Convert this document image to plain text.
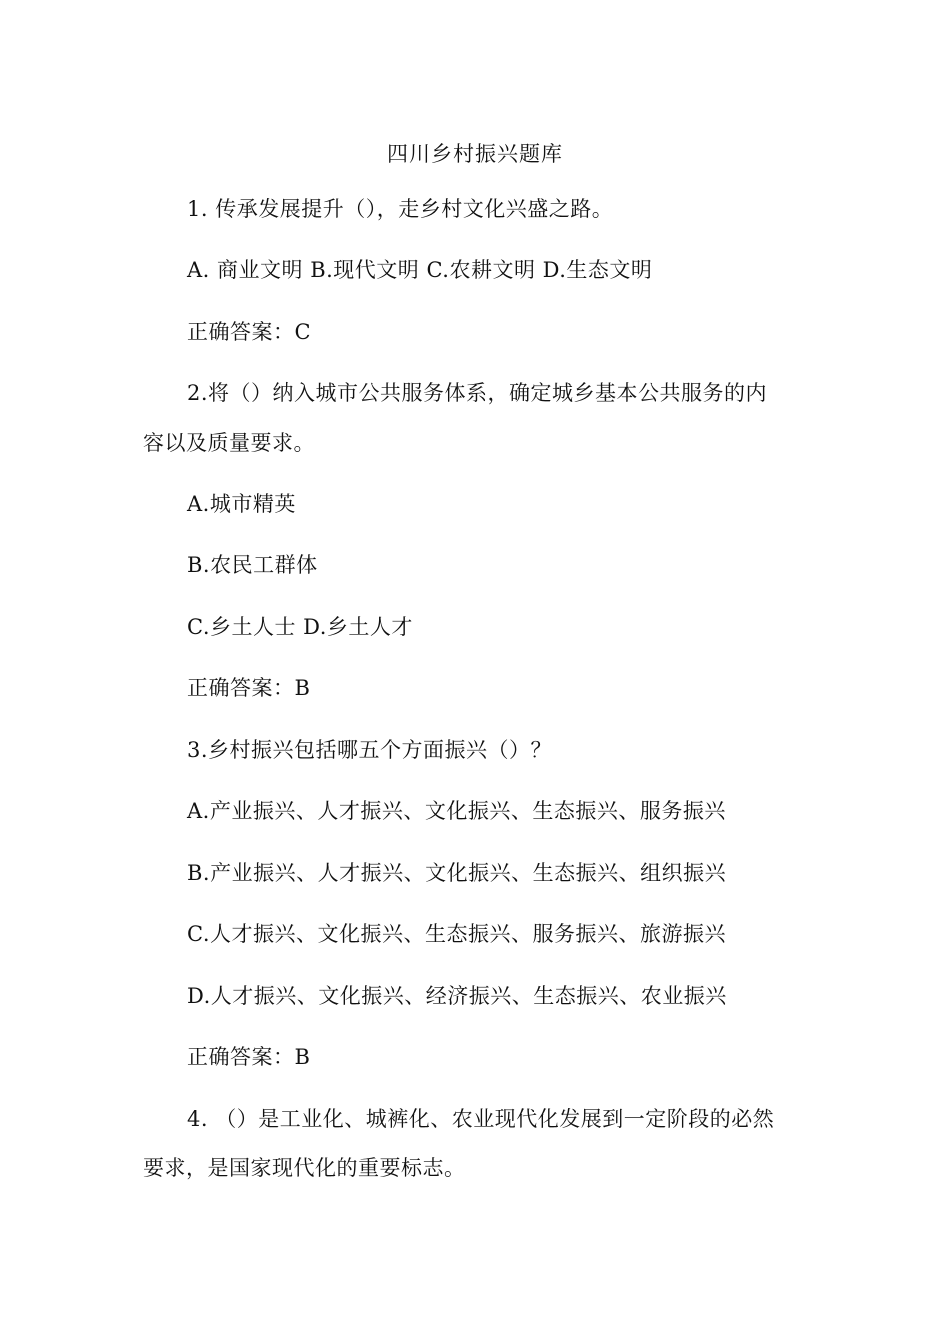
四川乡村振兴题库
1. 传承发展提升（），走乡村文化兴盛之路。
A. 商业文明 B.现代文明 C.农耕文明 D.生态文明
正确答案：C
2.将（）纳入城市公共服务体系，确定城乡基本公共服务的内
容以及质量要求。
A.城市精英
B.农民工群体
C.乡土人士 D.乡土人才
正确答案：B
3.乡村振兴包括哪五个方面振兴（）？
A.产业振兴、人才振兴、文化振兴、生态振兴、服务振兴
B.产业振兴、人才振兴、文化振兴、生态振兴、组织振兴
C.人才振兴、文化振兴、生态振兴、服务振兴、旅游振兴
D.人才振兴、文化振兴、经济振兴、生态振兴、农业振兴
正确答案：B
4. （）是工业化、城裤化、农业现代化发展到一定阶段的必然
要求，是国家现代化的重要标志。
